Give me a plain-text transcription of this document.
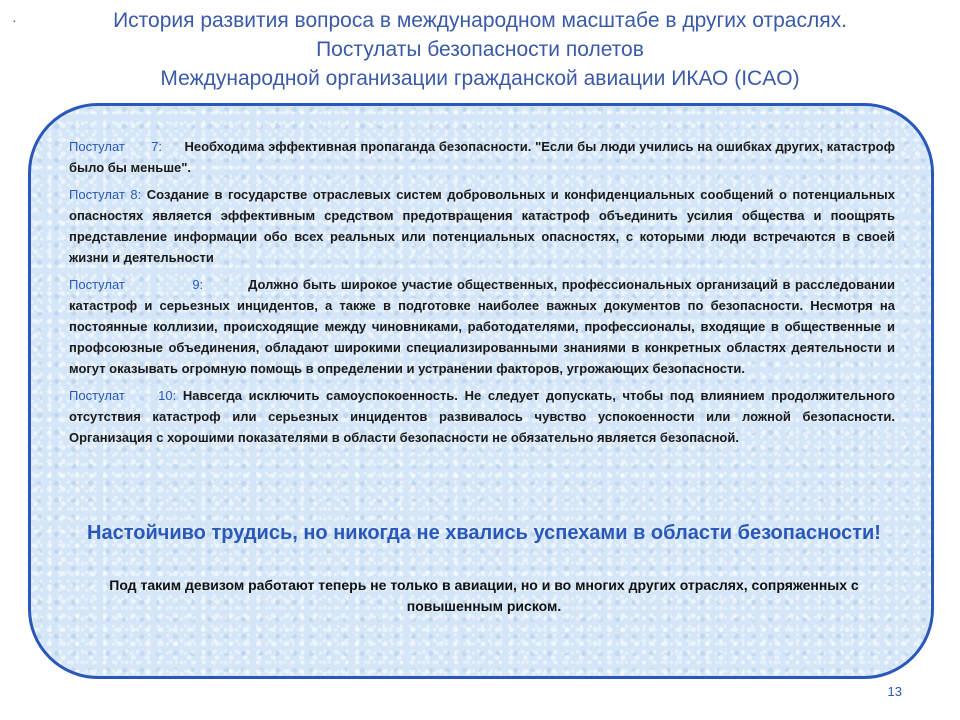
·	История развития вопроса в международном масштабе в других отраслях.
Постулаты безопасности полетов
Международной организации гражданской авиации ИКАО (ICAO)

Постулат 7: Необходима эффективная пропаганда безопасности. "Если бы люди учились на ошибках других, катастроф было бы меньше".

Постулат 8: Создание в государстве отраслевых систем добровольных и конфиденциальных сообщений о потенциальных опасностях является эффективным средством предотвращения катастроф объединить усилия общества и поощрять представление информации обо всех реальных или потенциальных опасностях, с которыми люди встречаются в своей жизни и деятельности

Постулат	9:	Должно быть широкое участие общественных, профессиональных организаций в расследовании катастроф и серьезных инцидентов, а также в подготовке наиболее важных документов по безопасности. Несмотря на постоянные коллизии, происходящие между чиновниками, работодателями, профессионалы, входящие в общественные и профсоюзные объединения, обладают широкими специализированными знаниями в конкретных областях деятельности и могут оказывать огромную помощь в определении и устранении факторов, угрожающих безопасности.

Постулат	10: Навсегда исключить самоуспокоенность. Не следует допускать, чтобы под влиянием продолжительного отсутствия катастроф или серьезных инцидентов развивалось чувство успокоенности или ложной безопасности. Организация с хорошими показателями в области безопасности не обязательно является безопасной.

Настойчиво трудись, но никогда не хвались успехами в области безопасности!
Под таким девизом работают теперь не только в авиации, но и во многих других отраслях, сопряженных с повышенным риском.
13
